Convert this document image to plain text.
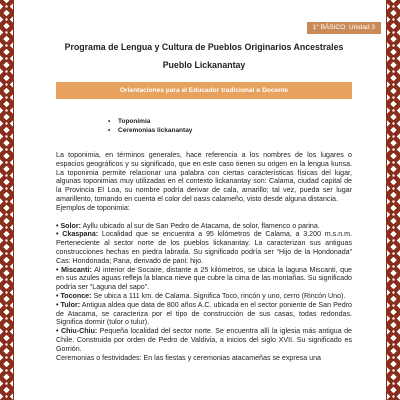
1° BÁSICO Unidad 3
Programa de Lengua y Cultura de Pueblos Originarios Ancestrales
Pueblo Lickanantay
Orientaciones para el Educador tradicional o Docente
• Toponimia
• Ceremonias lickanantay

La toponimia, en términos generales, hace referencia a los nombres de los lugares o espacios geográficos y su significado, que en este caso tienen su origen en la lengua kunsa. La toponimia permite relacionar una palabra con ciertas características físicas del lugar, algunas toponimias muy utilizadas en el contexto lickanantay son: Calama, ciudad capital de la Provincia El Loa, su nombre podría derivar de cala, amarillo; tal vez, pueda ser lugar amarillento, tomando en cuenta el color del oasis calameño, visto desde alguna distancia.

Ejemplos de toponimia:

• Solor: Ayllu ubicado al sur de San Pedro de Atacama, de solor, flamenco o parina.

• Ckaspana: Localidad que se encuentra a 95 kilómetros de Calama, a 3.200 m.s.n.m. Perteneciente al sector norte de los pueblos lickanantay. La caracterizan sus antiguas construcciones hechas en piedra labrada. Su significado podría ser “Hijo de la Hondonada” Cas: Hondonada; Pana, derivado de pani: hijo.

• Miscanti: Al interior de Socaire, distante a 25 kilómetros, se ubica la laguna Miscanti, que en sus azules aguas refleja la blanca nieve que cubre la cima de las montañas. Su significado podría ser “Laguna del sapo”.

• Toconce: Se ubica a 111 km. de Calama. Significa Toco, rincón y uno, cerro (Rincón Uno).

• Tulor: Antigua aldea que data de 800 años A.C. ubicada en el sector poniente de San Pedro de Atacama, se caracteriza por el tipo de construcción de sus casas, todas redondas. Significa dormir (tulor o tulur).

• Chiu-Chiu: Pequeña localidad del sector norte. Se encuentra allí la iglesia más antigua de Chile. Construida por orden de Pedro de Valdivia, a inicios del siglo XVII. Su significado es Gorrión.

Ceremonias o festividades: En las fiestas y ceremonias atacameñas se expresa una
